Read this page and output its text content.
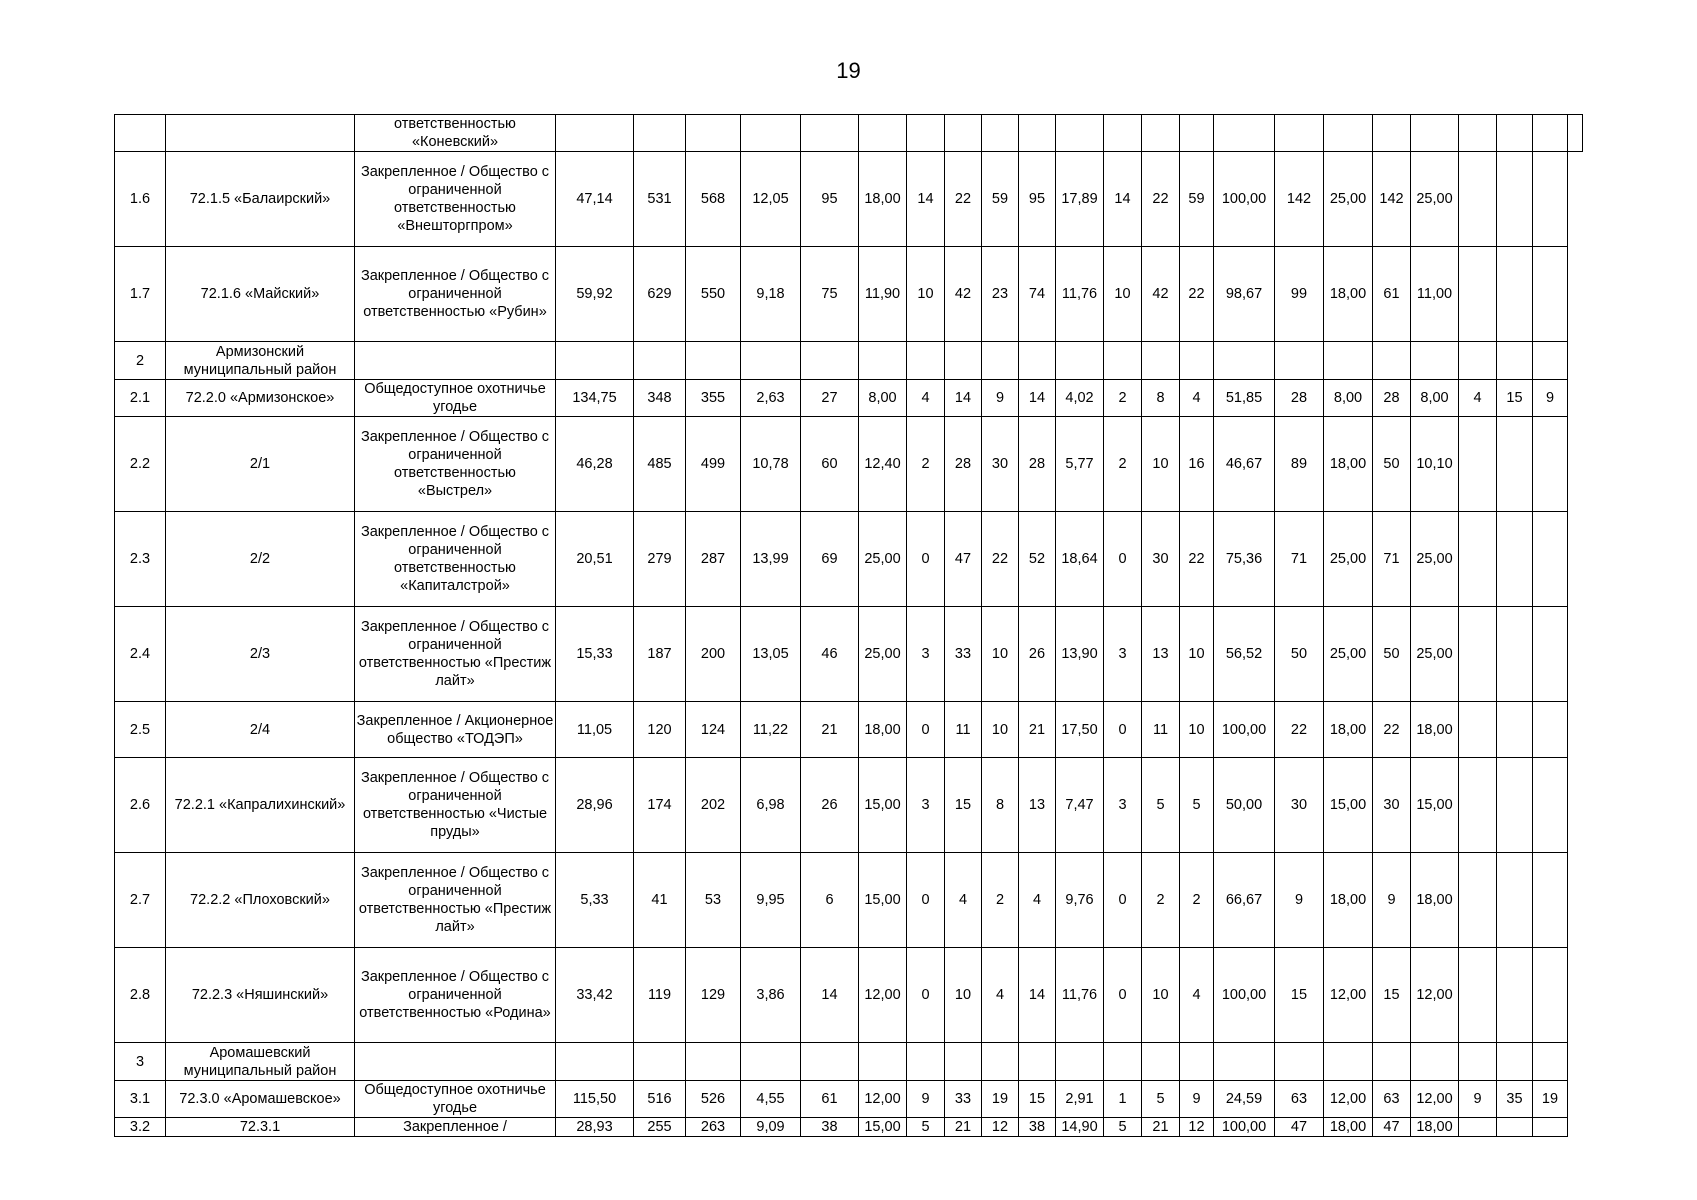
19
		ответственностью «Коневский»																							
1.6	72.1.5 «Балаирский»	Закрепленное / Общество с ограниченной ответственностью «Внешторгпром»	47,14	531	568	12,05	95	18,00	14	22	59	95	17,89	14	22	59	100,00	142	25,00	142	25,00				
1.7	72.1.6 «Майский»	Закрепленное / Общество с ограниченной ответственностью «Рубин»	59,92	629	550	9,18	75	11,90	10	42	23	74	11,76	10	42	22	98,67	99	18,00	61	11,00				
2	Армизонский муниципальный район																								
2.1	72.2.0 «Армизонское»	Общедоступное охотничье угодье	134,75	348	355	2,63	27	8,00	4	14	9	14	4,02	2	8	4	51,85	28	8,00	28	8,00	4	15	9	
2.2	2/1	Закрепленное / Общество с ограниченной ответственностью «Выстрел»	46,28	485	499	10,78	60	12,40	2	28	30	28	5,77	2	10	16	46,67	89	18,00	50	10,10				
2.3	2/2	Закрепленное / Общество с ограниченной ответственностью «Капиталстрой»	20,51	279	287	13,99	69	25,00	0	47	22	52	18,64	0	30	22	75,36	71	25,00	71	25,00				
2.4	2/3	Закрепленное / Общество с ограниченной ответственностью «Престиж лайт»	15,33	187	200	13,05	46	25,00	3	33	10	26	13,90	3	13	10	56,52	50	25,00	50	25,00				
2.5	2/4	Закрепленное / Акционерное общество «ТОДЭП»	11,05	120	124	11,22	21	18,00	0	11	10	21	17,50	0	11	10	100,00	22	18,00	22	18,00				
2.6	72.2.1 «Капралихинский»	Закрепленное / Общество с ограниченной ответственностью «Чистые пруды»	28,96	174	202	6,98	26	15,00	3	15	8	13	7,47	3	5	5	50,00	30	15,00	30	15,00				
2.7	72.2.2 «Плоховский»	Закрепленное / Общество с ограниченной ответственностью «Престиж лайт»	5,33	41	53	9,95	6	15,00	0	4	2	4	9,76	0	2	2	66,67	9	18,00	9	18,00				
2.8	72.2.3 «Няшинский»	Закрепленное / Общество с ограниченной ответственностью «Родина»	33,42	119	129	3,86	14	12,00	0	10	4	14	11,76	0	10	4	100,00	15	12,00	15	12,00				
3	Аромашевский муниципальный район																								
3.1	72.3.0 «Аромашевское»	Общедоступное охотничье угодье	115,50	516	526	4,55	61	12,00	9	33	19	15	2,91	1	5	9	24,59	63	12,00	63	12,00	9	35	19	
3.2	72.3.1	Закрепленное /	28,93	255	263	9,09	38	15,00	5	21	12	38	14,90	5	21	12	100,00	47	18,00	47	18,00				
